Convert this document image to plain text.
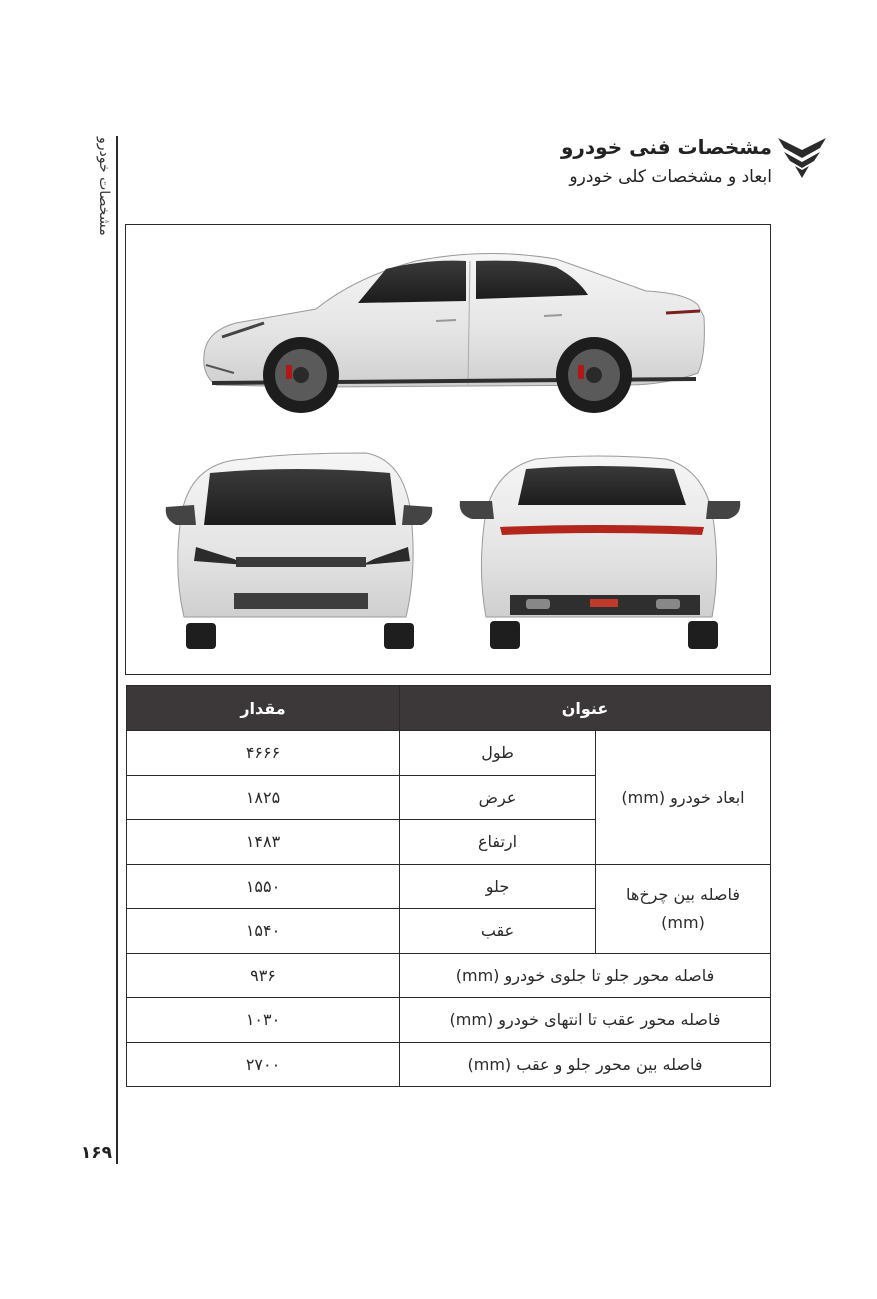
مشخصات خودرو
۱۶۹
مشخصات فنی خودرو
ابعاد و مشخصات کلی خودرو
عنوان		مقدار
ابعاد خودرو (mm)	طول	۴۶۶۶
	عرض	۱۸۲۵
	ارتفاع	۱۴۸۳
فاصله بین چرخ‌ها (mm)	جلو	۱۵۵۰
	عقب	۱۵۴۰
فاصله محور جلو تا جلوی خودرو (mm)		۹۳۶
فاصله محور عقب تا انتهای خودرو (mm)		۱۰۳۰
فاصله بین محور جلو و عقب (mm)		۲۷۰۰
